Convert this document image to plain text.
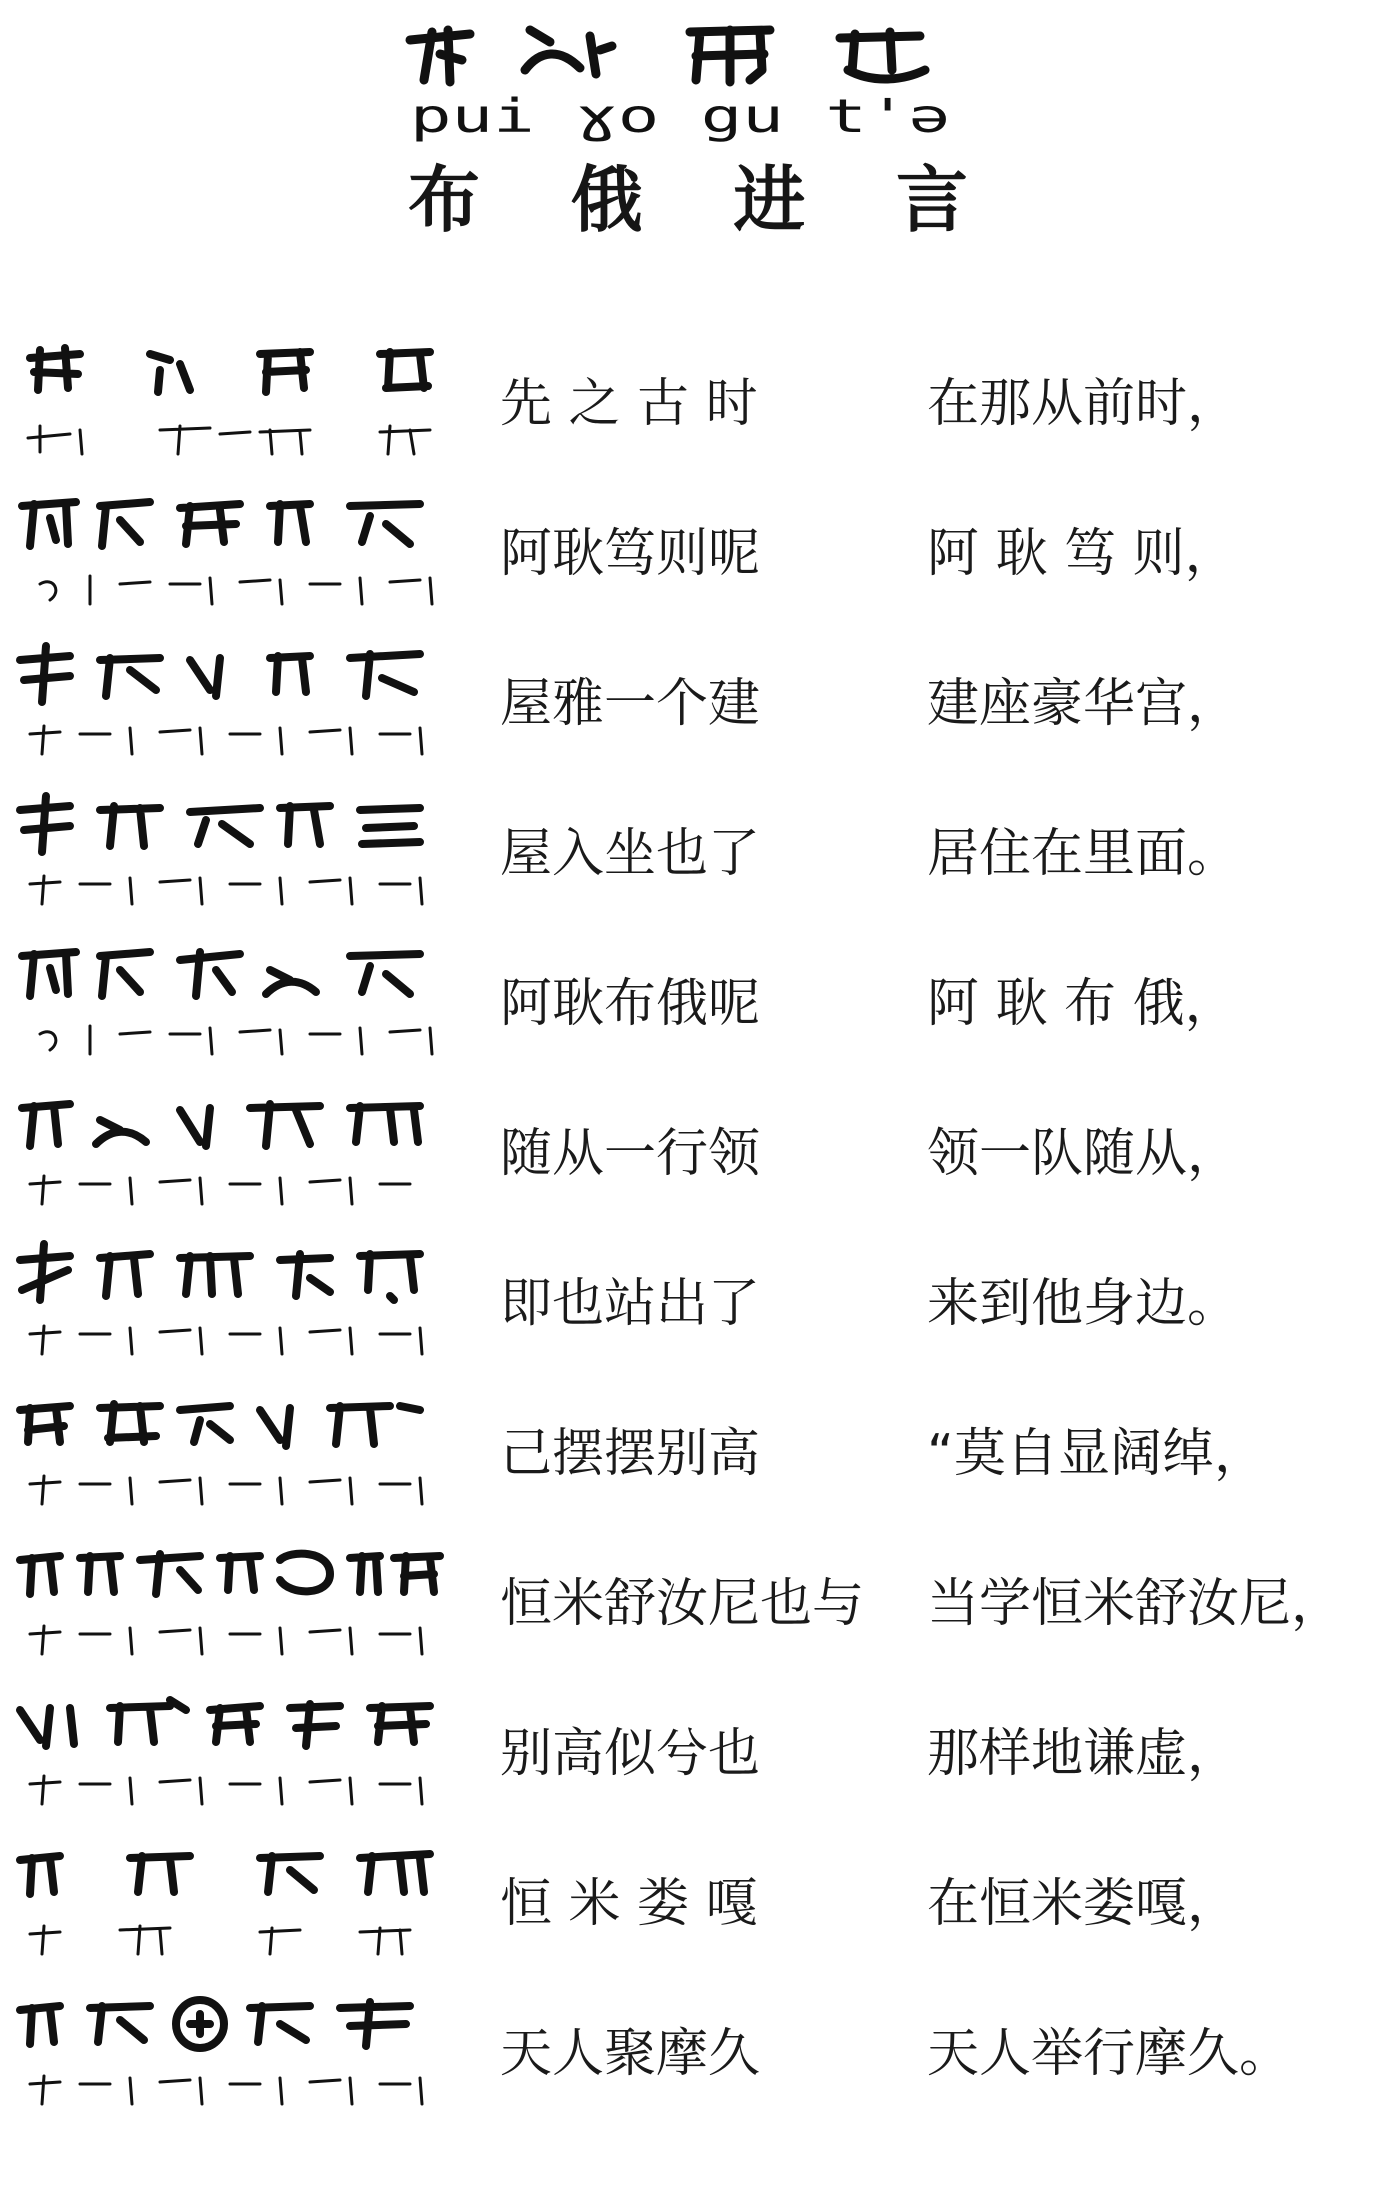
pui ɣo gu t'ə
布 俄 进 言
先 之 古 时	在那从前时，
阿耿笃则呢	阿 耿 笃 则，
屋雅一个建	建座豪华宫，
屋入坐也了	居住在里面。
阿耿布俄呢	阿 耿 布 俄，
随从一行领	领一队随从，
即也站出了	来到他身边。
己摆摆别高	“莫自显阔绰，
恒米舒汝尼也与	当学恒米舒汝尼，
别高似兮也	那样地谦虚，
恒 米 娄 嘎	在恒米娄嘎，
天人聚摩久	天人举行摩久。
